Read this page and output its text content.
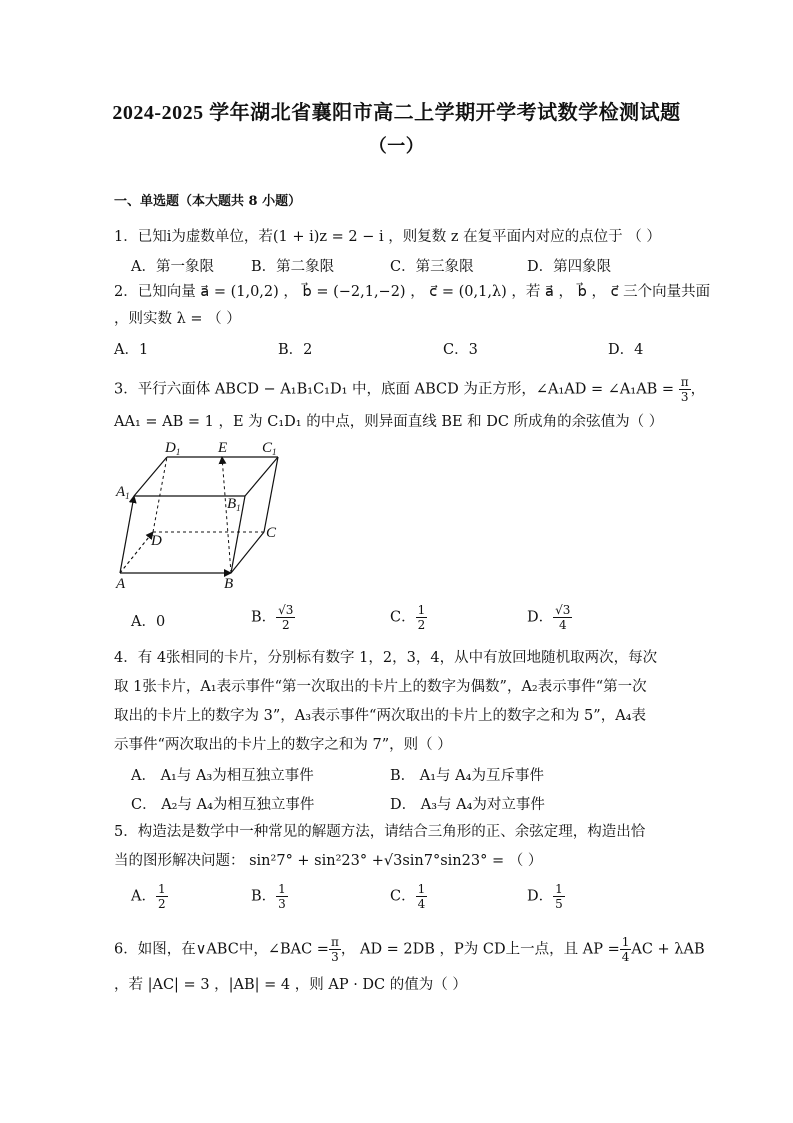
2024-2025 学年湖北省襄阳市高二上学期开学考试数学检测试题
（一）
一、单选题（本大题共 8 小题）
1．已知i为虚数单位，若(1 + i)z = 2 − i ，则复数 z 在复平面内对应的点位于 （ ）
A．第一象限	B．第二象限	C．第三象限	D．第四象限
2．已知向量 a⃗ = (1,0,2) ， b⃗ = (−2,1,−2) ， c⃗ = (0,1,λ) ，若 a⃗ ， b⃗ ， c⃗ 三个向量共面
，则实数 λ = （ ）
A．1	B．2	C．3	D．4
3．平行六面体 ABCD − A₁B₁C₁D₁ 中，底面 ABCD 为正方形，∠A₁AD = ∠A₁AB = $\frac{\pi}{3}$ ，
AA₁ = AB = 1 ，E 为 C₁D₁ 的中点，则异面直线 BE 和 DC 所成角的余弦值为（ ）
$D_1$	E $C_1$
$A_1$	$B_1$
C
D
A	B
A．0	B． $\frac{√3}{2}$	C． $\frac{1}{2}$	D． $\frac{√3}{4}$
4．有 4张相同的卡片，分别标有数字 1，2，3，4，从中有放回地随机取两次，每次
取 1张卡片，A₁表示事件“第一次取出的卡片上的数字为偶数”，A₂表示事件“第一次
取出的卡片上的数字为 3”，A₃表示事件“两次取出的卡片上的数字之和为 5”，A₄表
示事件“两次取出的卡片上的数字之和为 7”，则（ ）
A． A₁与 A₃为相互独立事件	B． A₁与 A₄为互斥事件
C． A₂与 A₄为相互独立事件	D． A₃与 A₄为对立事件
5．构造法是数学中一种常见的解题方法，请结合三角形的正、余弦定理，构造出恰
当的图形解决问题： sin²7° + sin²23° +√3sin7°sin23° = （ ）
A． $\frac{1}{2}$	B． $\frac{1}{3}$	C． $\frac{1}{4}$	D． $\frac{1}{5}$
6．如图，在∨ABC中，∠BAC = $\frac{\pi}{3}$ ， AD = 2DB ，P为 CD上一点，且 AP = $\frac{1}{4}$ AC + λAB
，若 |AC| = 3 ，|AB| = 4 ，则 AP · DC 的值为（ ）
